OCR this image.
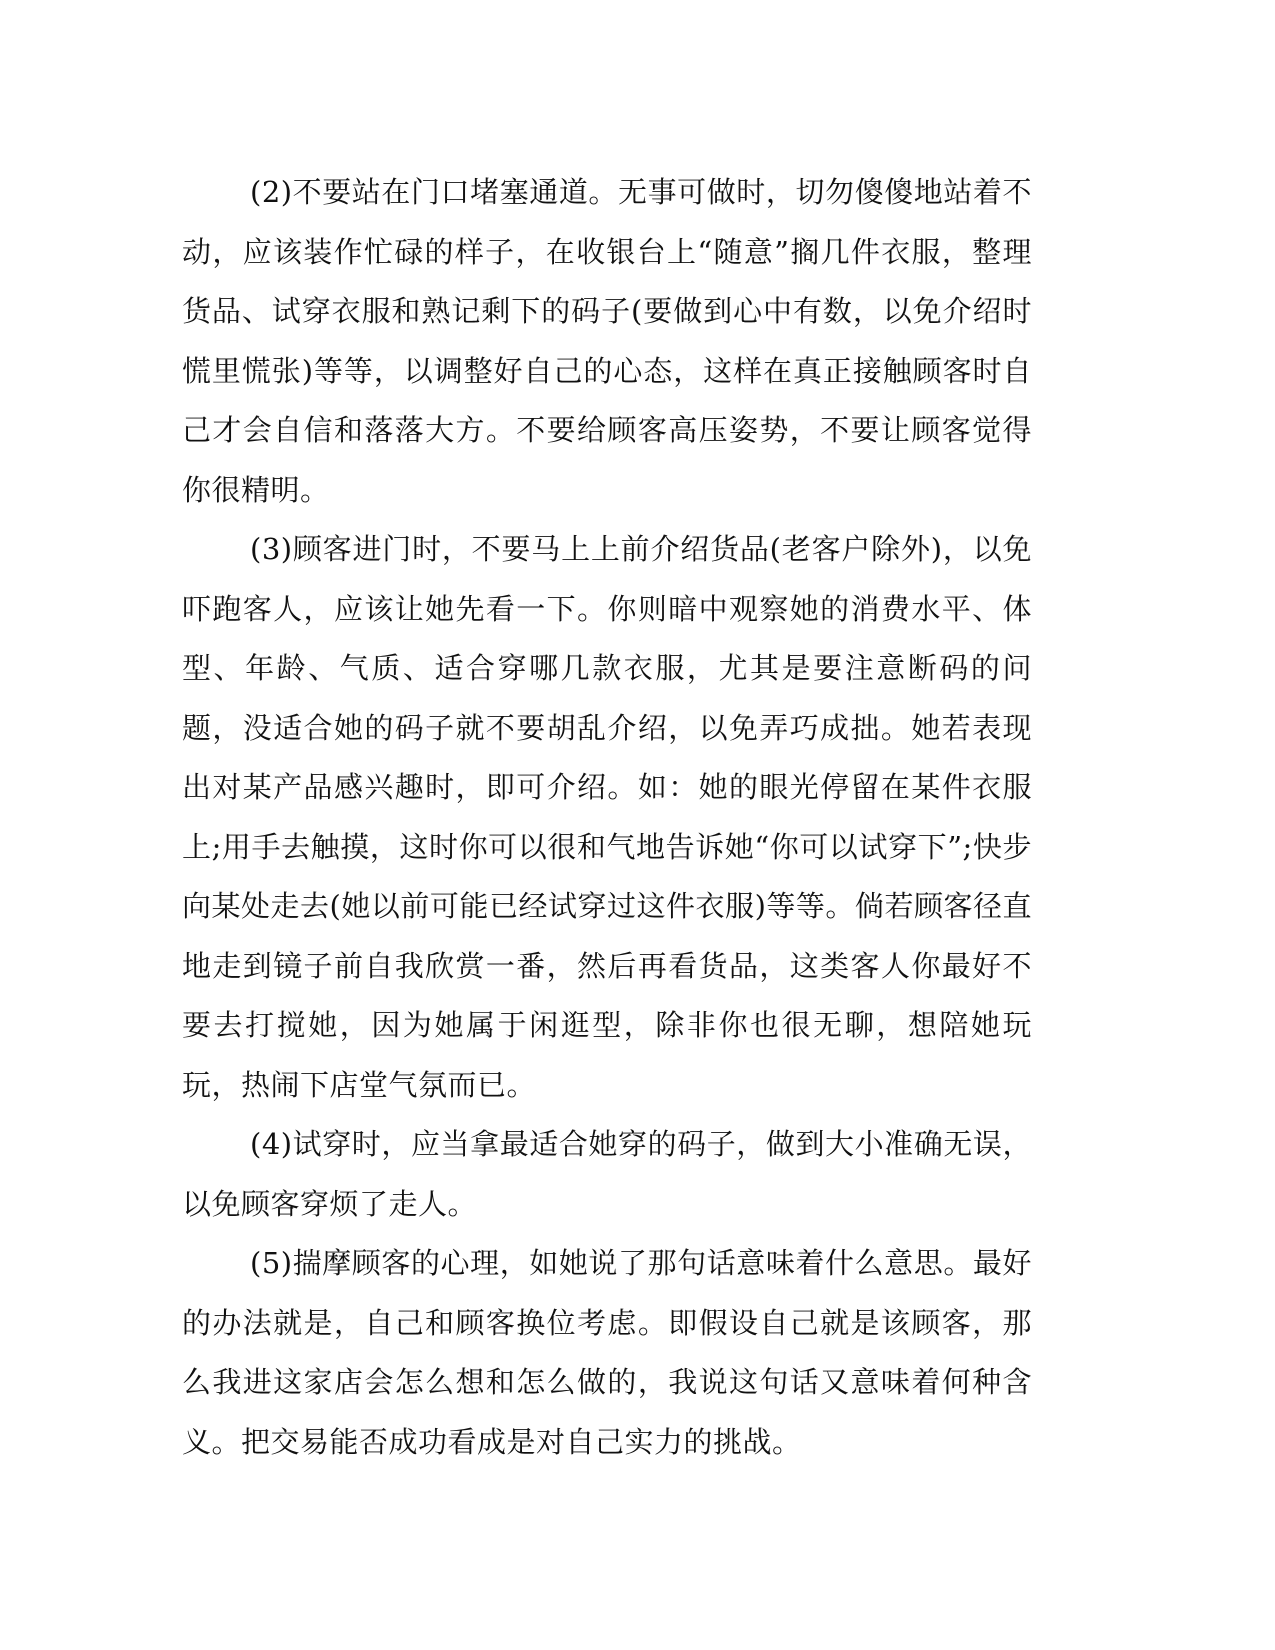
(2)不要站在门口堵塞通道。无事可做时，切勿傻傻地站着不动，应该装作忙碌的样子，在收银台上“随意”搁几件衣服，整理货品、试穿衣服和熟记剩下的码子(要做到心中有数，以免介绍时慌里慌张)等等，以调整好自己的心态，这样在真正接触顾客时自己才会自信和落落大方。不要给顾客高压姿势，不要让顾客觉得你很精明。

(3)顾客进门时，不要马上上前介绍货品(老客户除外)，以免吓跑客人，应该让她先看一下。你则暗中观察她的消费水平、体型、年龄、气质、适合穿哪几款衣服，尤其是要注意断码的问题，没适合她的码子就不要胡乱介绍，以免弄巧成拙。她若表现出对某产品感兴趣时，即可介绍。如：她的眼光停留在某件衣服上;用手去触摸，这时你可以很和气地告诉她“你可以试穿下”;快步向某处走去(她以前可能已经试穿过这件衣服)等等。倘若顾客径直地走到镜子前自我欣赏一番，然后再看货品，这类客人你最好不要去打搅她，因为她属于闲逛型，除非你也很无聊，想陪她玩玩，热闹下店堂气氛而已。

(4)试穿时，应当拿最适合她穿的码子，做到大小准确无误，以免顾客穿烦了走人。

(5)揣摩顾客的心理，如她说了那句话意味着什么意思。最好的办法就是，自己和顾客换位考虑。即假设自己就是该顾客，那么我进这家店会怎么想和怎么做的，我说这句话又意味着何种含义。把交易能否成功看成是对自己实力的挑战。
